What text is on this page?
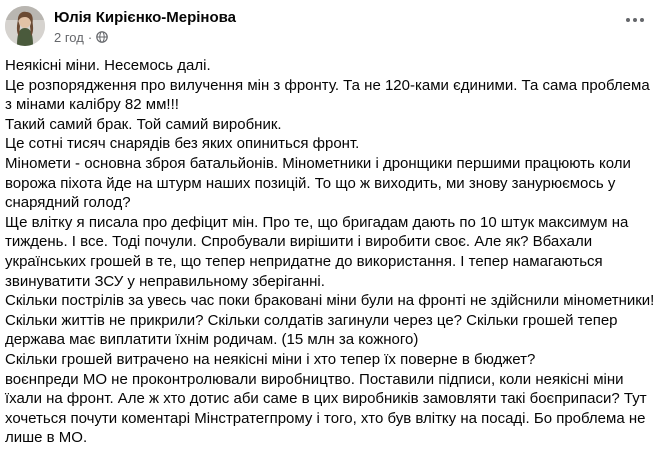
Юлія Кирієнко-Мерінова
2 год ·

Неякісні міни. Несемось далі.

Це розпорядження про вилучення мін з фронту. Та не 120-ками єдиними. Та сама проблема з мінами калібру 82 мм!!!

Такий самий брак. Той самий виробник.

Це сотні тисяч снарядів без яких опиниться фронт.

Міномети - основна зброя батальйонів. Мінометники і дронщики першими працюють коли ворожа піхота йде на штурм наших позицій. То що ж виходить, ми знову занурюємось у снарядний голод?

Ще влітку я писала про дефіцит мін. Про те, що бригадам дають по 10 штук максимум на тиждень. І все. Тоді почули. Спробували вирішити і виробити своє. Але як? Вбахали українських грошей в те, що тепер непридатне до використання. І тепер намагаються звинуватити ЗСУ у неправильному зберіганні.

Скільки пострілів за увесь час поки браковані міни були на фронті не здійснили мінометники! Скільки життів не прикрили? Скільки солдатів загинули через це? Скільки грошей тепер держава має виплатити їхнім родичам. (15 млн за кожного)

Скільки грошей витрачено на неякісні міни і хто тепер їх поверне в бюджет?

воєнпреди МО не проконтролювали виробництво. Поставили підписи, коли неякісні міни їхали на фронт. Але ж хто дотис аби саме в цих виробників замовляти такі боєприпаси? Тут хочеться почути коментарі Мінстратегпрому і того, хто був влітку на посаді. Бо проблема не лише в МО.
